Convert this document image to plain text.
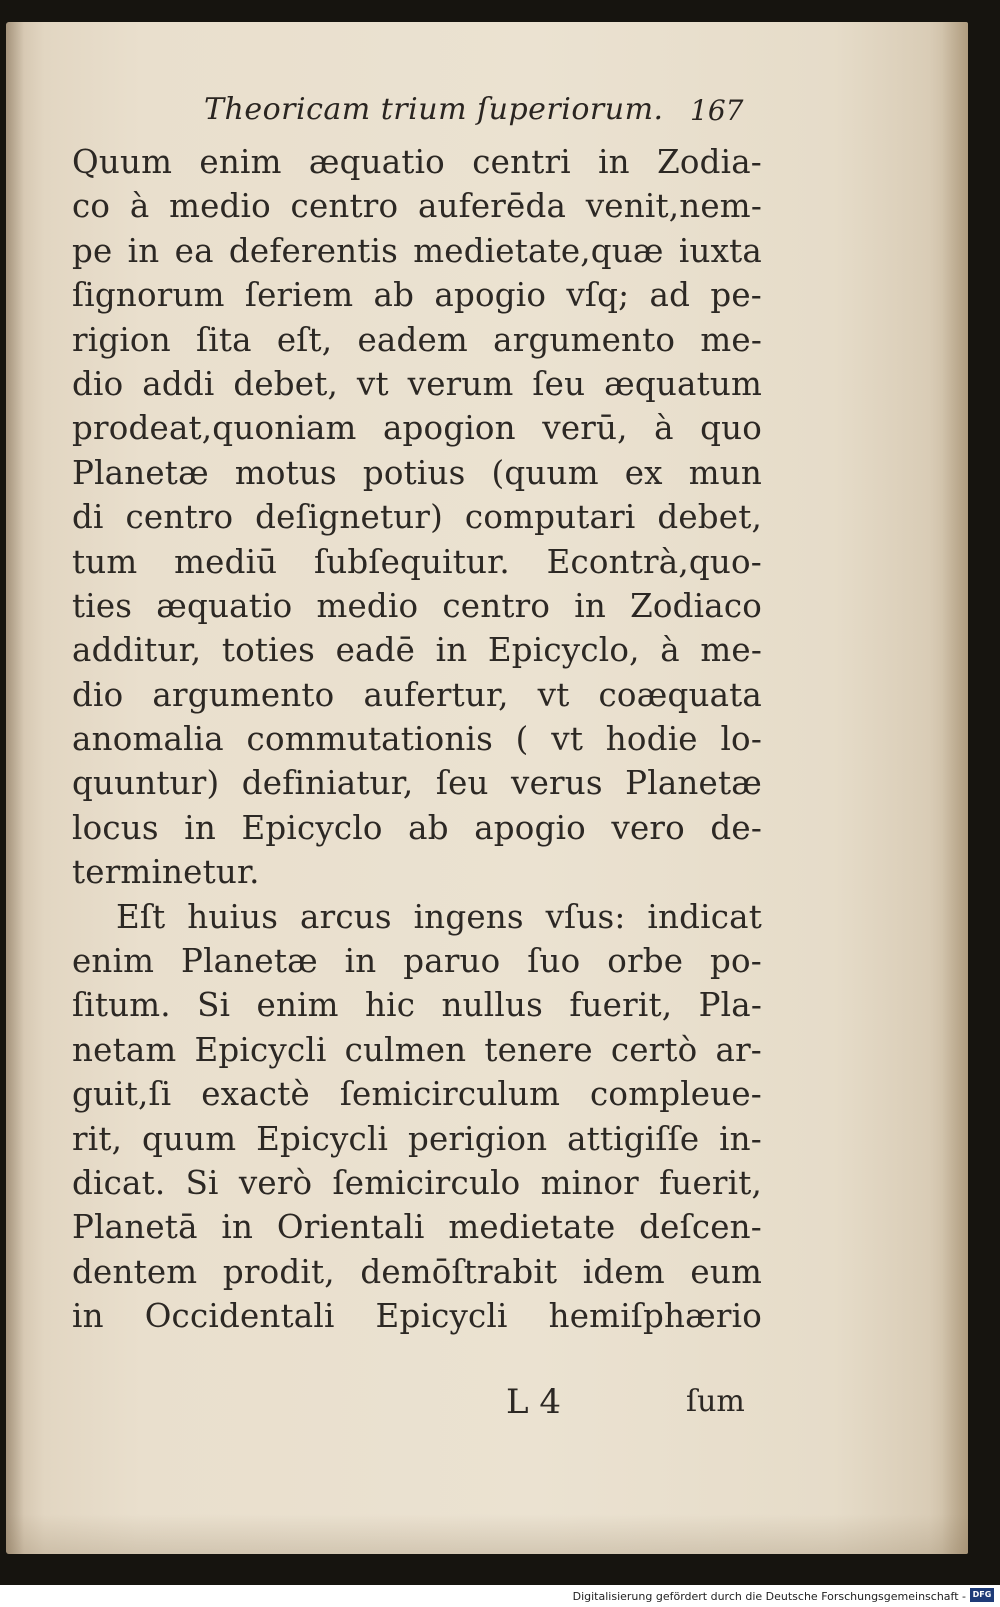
Theoricam trium ſuperiorum. 167
Quum enim æquatio centri in Zodia-
co à medio centro auferēda venit,nem-
pe in ea deferentis medietate,quæ iuxta
ſignorum ſeriem ab apogio vſq; ad pe-
rigion ſita eſt, eadem argumento me-
dio addi debet, vt verum ſeu æquatum
prodeat,quoniam apogion verū, à quo
Planetæ motus potius (quum ex mun
di centro deſignetur) computari debet,
tum mediū ſubſequitur. Econtrà,quo-
ties æquatio medio centro in Zodiaco
additur, toties eadē in Epicyclo, à me-
dio argumento aufertur, vt coæquata
anomalia commutationis ( vt hodie lo-
quuntur) definiatur, ſeu verus Planetæ
locus in Epicyclo ab apogio vero de-
terminetur.
Eſt huius arcus ingens vſus: indicat
enim Planetæ in paruo ſuo orbe po-
ſitum. Si enim hic nullus fuerit, Pla-
netam Epicycli culmen tenere certò ar-
guit,ſi exactè ſemicirculum compleue-
rit, quum Epicycli perigion attigiſſe in-
dicat. Si verò ſemicirculo minor fuerit,
Planetā in Orientali medietate deſcen-
dentem prodit, demōſtrabit idem eum
in Occidentali Epicycli hemiſphærio
L 4	ſum
Digitalisierung gefördert durch die Deutsche Forschungsgemeinschaft - DFG
